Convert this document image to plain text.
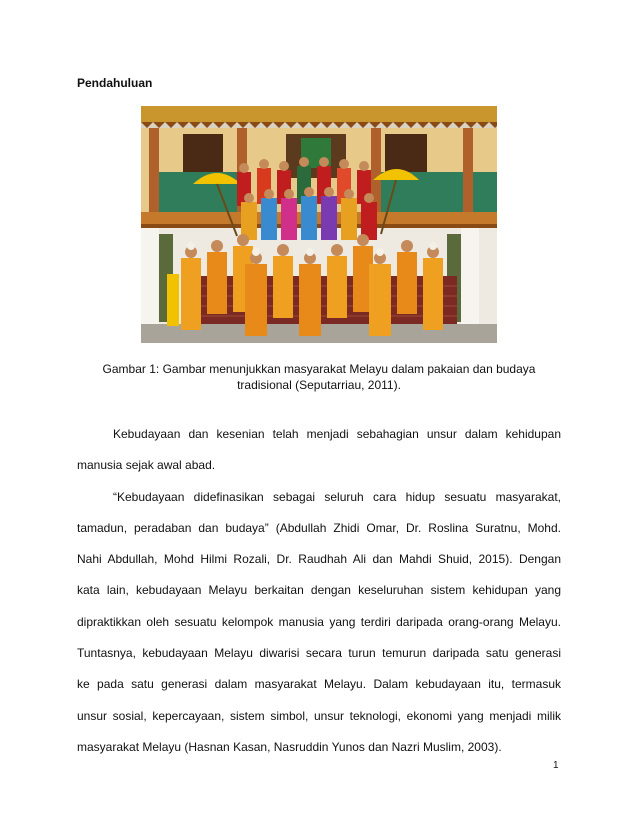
Pendahuluan

Gambar 1: Gambar menunjukkan masyarakat Melayu dalam pakaian dan budaya
tradisional (Seputarriau, 2011).

Kebudayaan dan kesenian telah menjadi sebahagian unsur dalam kehidupan
manusia sejak awal abad.

“Kebudayaan didefinasikan sebagai seluruh cara hidup sesuatu masyarakat,
tamadun, peradaban dan budaya” (Abdullah Zhidi Omar, Dr. Roslina Suratnu, Mohd.
Nahi Abdullah, Mohd Hilmi Rozali, Dr. Raudhah Ali dan Mahdi Shuid, 2015). Dengan
kata lain, kebudayaan Melayu berkaitan dengan keseluruhan sistem kehidupan yang
dipraktikkan oleh sesuatu kelompok manusia yang terdiri daripada orang-orang Melayu.
Tuntasnya, kebudayaan Melayu diwarisi secara turun temurun daripada satu generasi
ke pada satu generasi dalam masyarakat Melayu. Dalam kebudayaan itu, termasuk
unsur sosial, kepercayaan, sistem simbol, unsur teknologi, ekonomi yang menjadi milik
masyarakat Melayu (Hasnan Kasan, Nasruddin Yunos dan Nazri Muslim, 2003).

1
